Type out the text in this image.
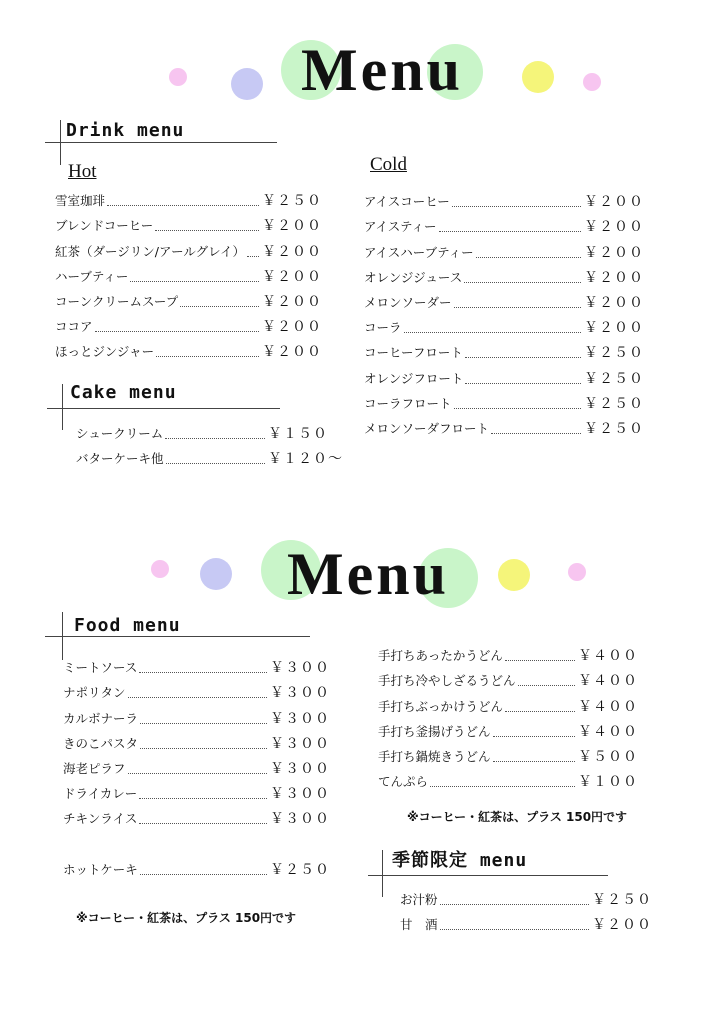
Menu
Drink menu
Hot	Cold
雪室珈琲	￥２５０
ブレンドコーヒー	￥２００
紅茶（ダージリン/アールグレイ） ￥２００
ハーブティー	￥２００
コーンクリームスープ	￥２００
ココア	￥２００
ほっとジンジャー	￥２００
アイスコーヒー	￥２００
アイスティー	￥２００
アイスハーブティー	￥２００
オレンジジュース	￥２００
メロンソーダー	￥２００
コーラ	￥２００
コーヒーフロート	￥２５０
オレンジフロート	￥２５０
コーラフロート	￥２５０
メロンソーダフロート	￥２５０
Cake menu
シュークリーム	￥１５０
バターケーキ他	￥１２０～
Menu
Food menu
ミートソース	￥３００
ナポリタン	￥３００
カルボナーラ	￥３００
きのこパスタ	￥３００
海老ピラフ	￥３００
ドライカレー	￥３００
チキンライス	￥３００
ホットケーキ	￥２５０
※コーヒー・紅茶は、プラス 150円です
手打ちあったかうどん	￥４００
手打ち冷やしざるうどん	￥４００
手打ちぶっかけうどん	￥４００
手打ち釜揚げうどん	￥４００
手打ち鍋焼きうどん	￥５００
てんぷら	￥１００
※コーヒー・紅茶は、プラス 150円です
季節限定 menu
お汁粉	￥２５０
甘　酒	￥２００
